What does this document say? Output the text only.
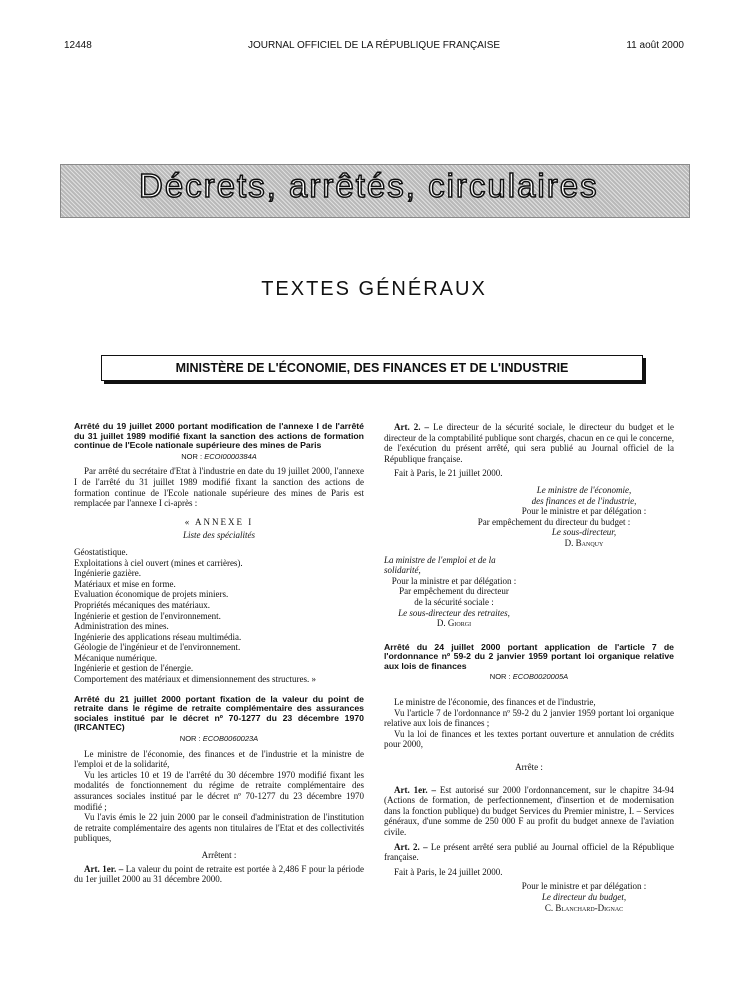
12448	JOURNAL OFFICIEL DE LA RÉPUBLIQUE FRANÇAISE	11 août 2000
Décrets, arrêtés, circulaires
TEXTES GÉNÉRAUX
MINISTÈRE DE L'ÉCONOMIE, DES FINANCES ET DE L'INDUSTRIE

Arrêté du 19 juillet 2000 portant modification de l'annexe I de l'arrêté du 31 juillet 1989 modifié fixant la sanction des actions de formation continue de l'Ecole nationale supérieure des mines de Paris

NOR : ECOI0000384A

Par arrêté du secrétaire d'Etat à l'industrie en date du 19 juillet 2000, l'annexe I de l'arrêté du 31 juillet 1989 modifié fixant la sanction des actions de formation continue de l'Ecole nationale supérieure des mines de Paris est remplacée par l'annexe I ci-après :

« ANNEXE I
Liste des spécialités
Géostatistique.
Exploitations à ciel ouvert (mines et carrières).
Ingénierie gazière.
Matériaux et mise en forme.
Evaluation économique de projets miniers.
Propriétés mécaniques des matériaux.
Ingénierie et gestion de l'environnement.
Administration des mines.
Ingénierie des applications réseau multimédia.
Géologie de l'ingénieur et de l'environnement.
Mécanique numérique.
Ingénierie et gestion de l'énergie.
Comportement des matériaux et dimensionnement des structures. »

Arrêté du 21 juillet 2000 portant fixation de la valeur du point de retraite dans le régime de retraite complémentaire des assurances sociales institué par le décret nº 70-1277 du 23 décembre 1970 (IRCANTEC)

NOR : ECOB0060023A

Le ministre de l'économie, des finances et de l'industrie et la ministre de l'emploi et de la solidarité,

Vu les articles 10 et 19 de l'arrêté du 30 décembre 1970 modifié fixant les modalités de fonctionnement du régime de retraite complémentaire des assurances sociales institué par le décret nº 70-1277 du 23 décembre 1970 modifié ;

Vu l'avis émis le 22 juin 2000 par le conseil d'administration de l'institution de retraite complémentaire des agents non titulaires de l'Etat et des collectivités publiques,

Arrêtent :

Art. 1er. – La valeur du point de retraite est portée à 2,486 F pour la période du 1er juillet 2000 au 31 décembre 2000.

Art. 2. – Le directeur de la sécurité sociale, le directeur du budget et le directeur de la comptabilité publique sont chargés, chacun en ce qui le concerne, de l'exécution du présent arrêté, qui sera publié au Journal officiel de la République française.

Fait à Paris, le 21 juillet 2000.

Le ministre de l'économie,
des finances et de l'industrie,
Pour le ministre et par délégation :
Par empêchement du directeur du budget :
Le sous-directeur,
D. Banquy
La ministre de l'emploi et de la solidarité,
Pour la ministre et par délégation :
Par empêchement du directeur
de la sécurité sociale :
Le sous-directeur des retraites,
D. Giorgi

Arrêté du 24 juillet 2000 portant application de l'article 7 de l'ordonnance nº 59-2 du 2 janvier 1959 portant loi organique relative aux lois de finances

NOR : ECOB0020005A

Le ministre de l'économie, des finances et de l'industrie,

Vu l'article 7 de l'ordonnance nº 59-2 du 2 janvier 1959 portant loi organique relative aux lois de finances ;

Vu la loi de finances et les textes portant ouverture et annulation de crédits pour 2000,

Arrête :

Art. 1er. – Est autorisé sur 2000 l'ordonnancement, sur le chapitre 34-94 (Actions de formation, de perfectionnement, d'insertion et de modernisation dans la fonction publique) du budget Services du Premier ministre, I. – Services généraux, d'une somme de 250 000 F au profit du budget annexe de l'aviation civile.

Art. 2. – Le présent arrêté sera publié au Journal officiel de la République française.

Fait à Paris, le 24 juillet 2000.

Pour le ministre et par délégation :
Le directeur du budget,
C. Blanchard-Dignac
